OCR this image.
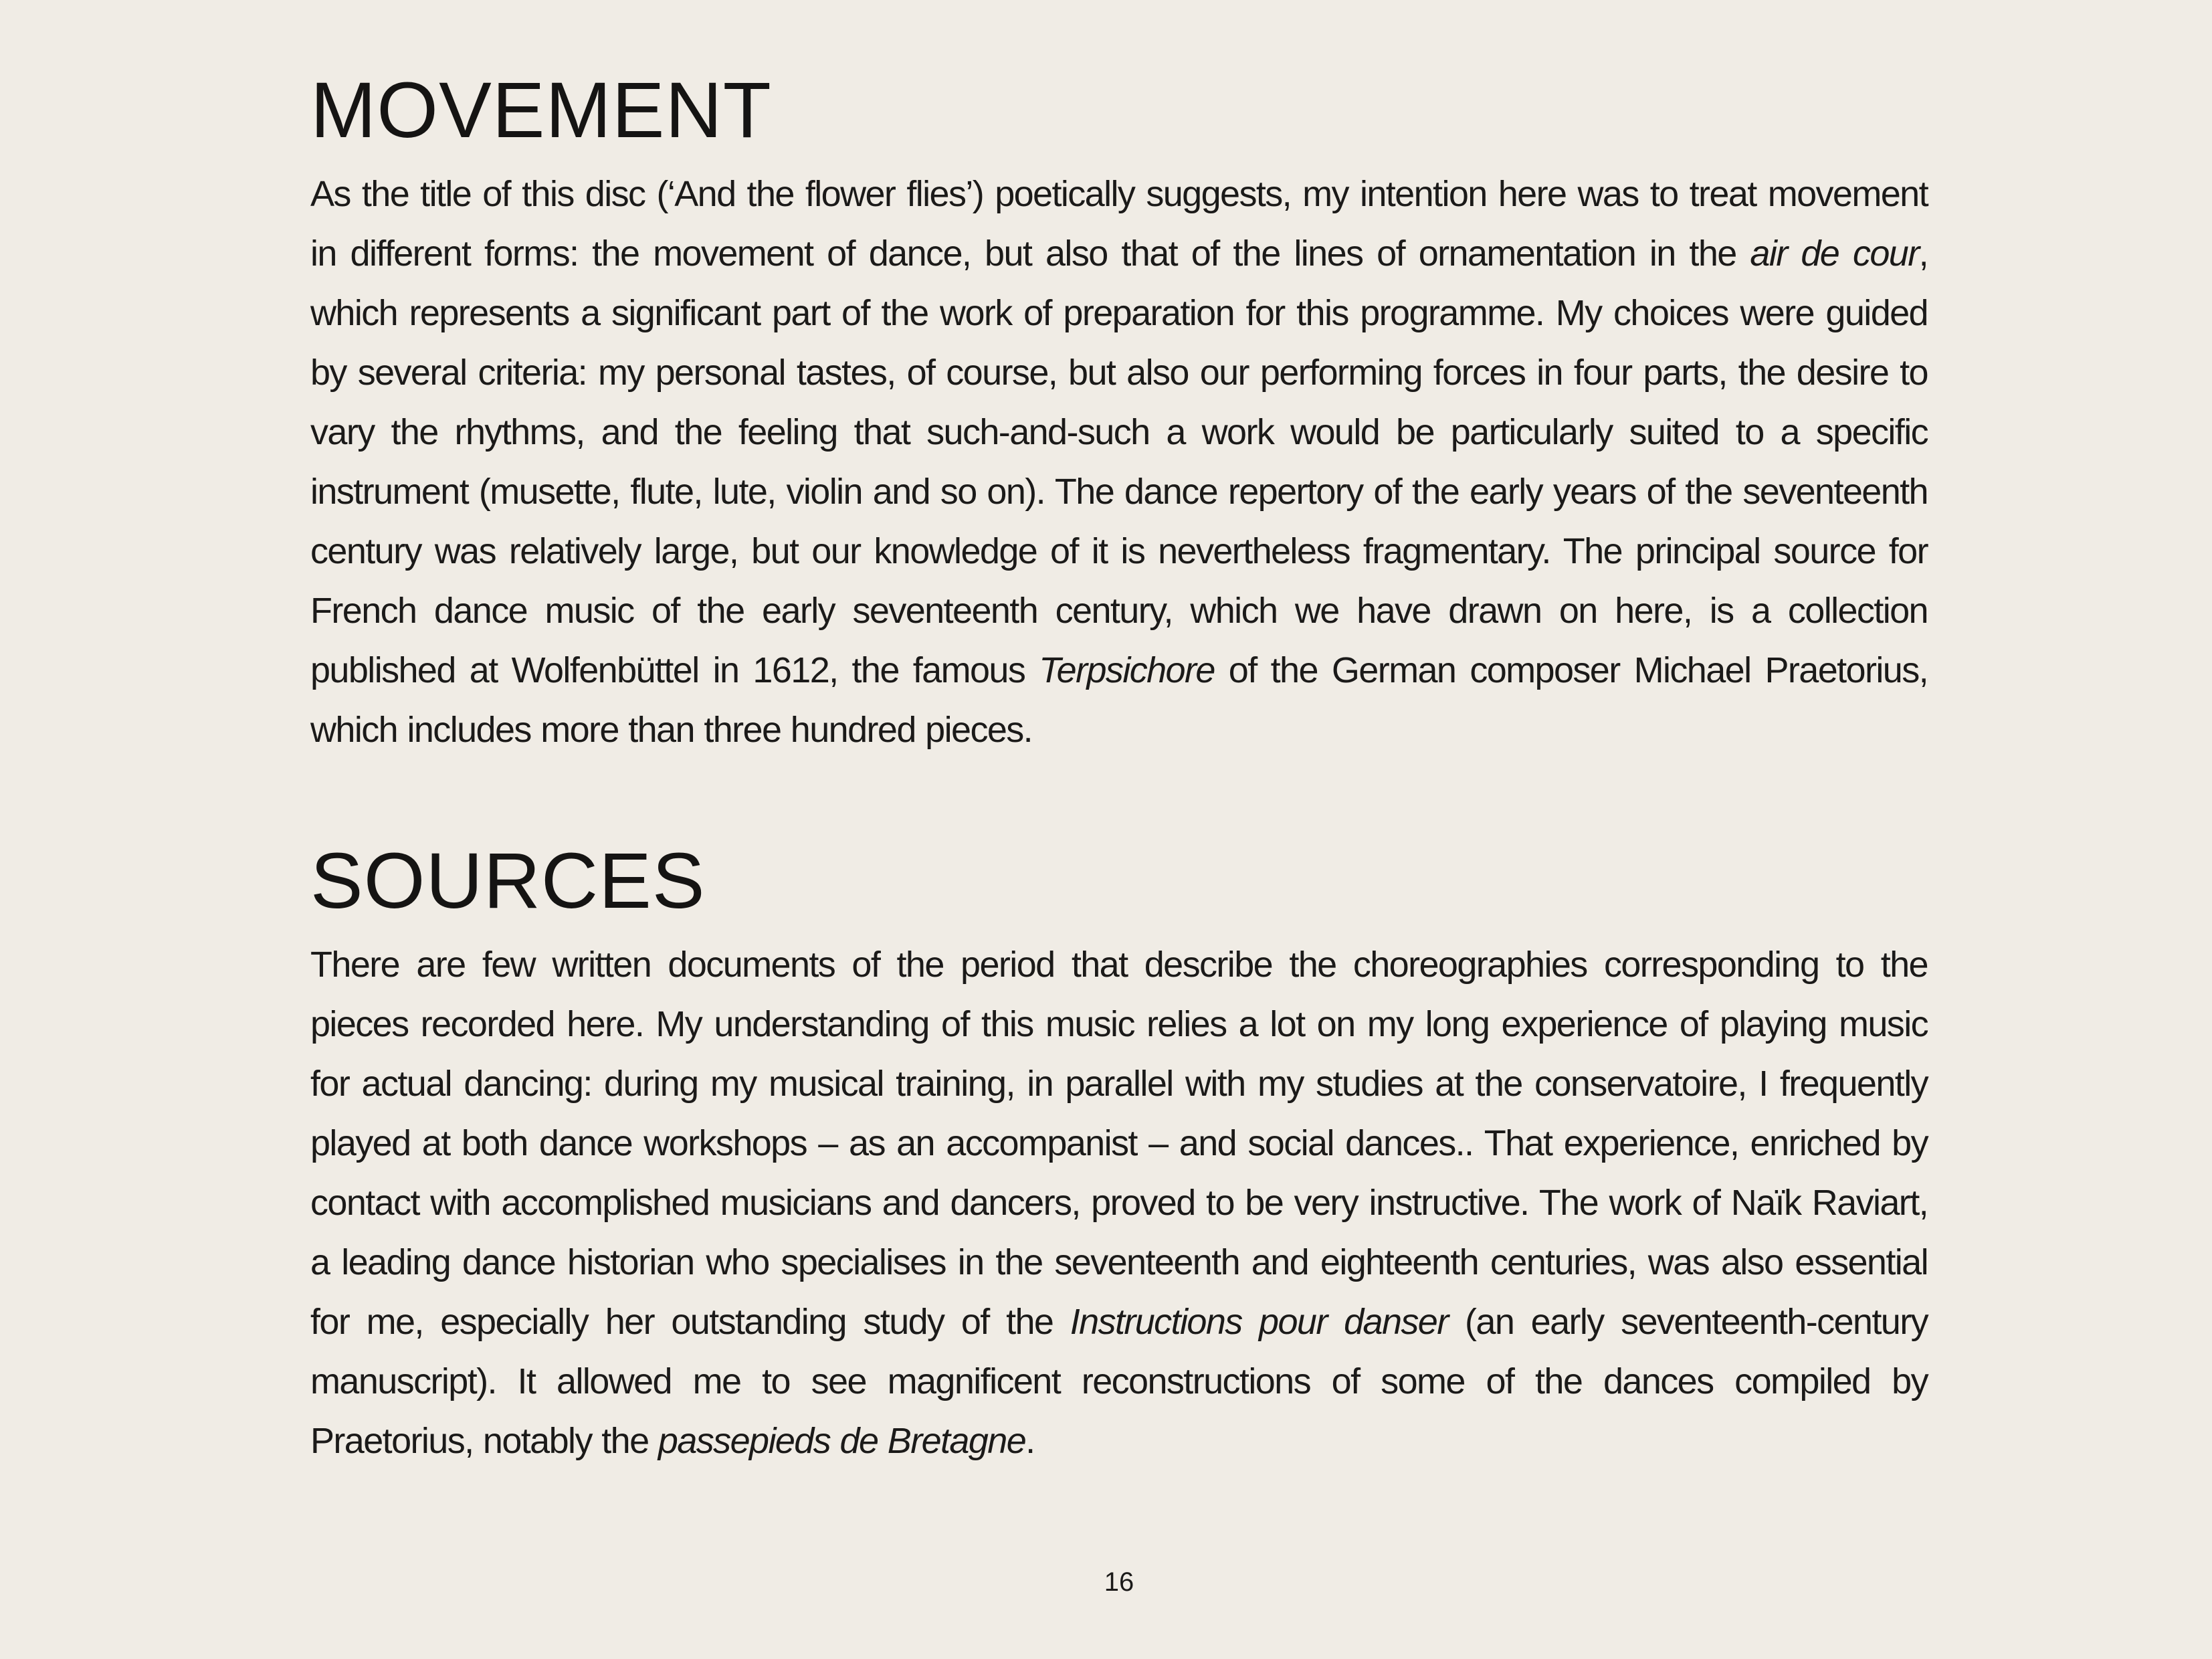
MOVEMENT

As the title of this disc (‘And the flower flies’) poetically suggests, my intention here was to treat movement in different forms: the movement of dance, but also that of the lines of ornamentation in the air de cour, which represents a significant part of the work of preparation for this programme. My choices were guided by several criteria: my personal tastes, of course, but also our performing forces in four parts, the desire to vary the rhythms, and the feeling that such-and-such a work would be particularly suited to a specific instrument (musette, flute, lute, violin and so on). The dance repertory of the early years of the seventeenth century was relatively large, but our knowledge of it is nevertheless fragmentary. The principal source for French dance music of the early seventeenth century, which we have drawn on here, is a collection published at Wolfenbüttel in 1612, the famous Terpsichore of the German composer Michael Praetorius, which includes more than three hundred pieces.

SOURCES

There are few written documents of the period that describe the choreographies corresponding to the pieces recorded here. My understanding of this music relies a lot on my long experience of playing music for actual dancing: during my musical training, in parallel with my studies at the conservatoire, I frequently played at both dance workshops – as an accompanist – and social dances.. That experience, enriched by contact with accomplished musicians and dancers, proved to be very instructive. The work of Naïk Raviart, a leading dance historian who specialises in the seventeenth and eighteenth centuries, was also essential for me, especially her outstanding study of the Instructions pour danser (an early seventeenth-century manuscript). It allowed me to see magnificent reconstructions of some of the dances compiled by Praetorius, notably the passepieds de Bretagne.

16
